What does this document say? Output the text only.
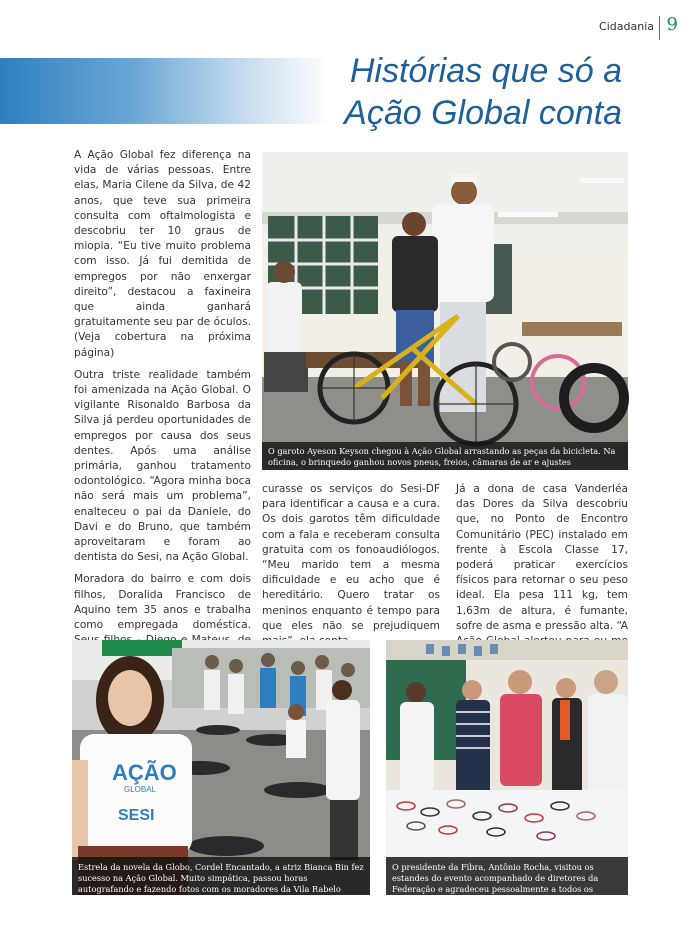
Cidadania 9
Histórias que só a
Ação Global conta

A Ação Global fez diferença na vida de várias pessoas. Entre elas, Maria Cilene da Silva, de 42 anos, que teve sua primeira consulta com oftalmologista e descobriu ter 10 graus de miopia. “Eu tive muito problema com isso. Já fui demitida de empregos por não enxergar direito”, destacou a faxineira que ainda ganhará gratuitamente seu par de óculos. (Veja cobertura na próxima página)

Outra triste realidade também foi amenizada na Ação Global. O vigilante Risonaldo Barbosa da Silva já perdeu oportunidades de empregos por causa dos seus dentes. Após uma análise primária, ganhou tratamento odontológico. “Agora minha boca não será mais um problema”, enalteceu o pai da Daniele, do Davi e do Bruno, que também aproveitaram e foram ao dentista do Sesi, na Ação Global.

Moradora do bairro e com dois filhos, Doralida Francisco de Aquino tem 35 anos e trabalha como empregada doméstica.

curasse os serviços do Sesi-DF para identificar a causa e a cura. Os dois garotos têm dificuldade com a fala e receberam consulta gratuita com os fonoaudiólogos. “Meu marido tem a mesma dificuldade e eu acho que é hereditário. Quero tratar os meninos enquanto é tempo para que eles não se prejudiquem

Já a dona de casa Vanderléa das Dores da Silva descobriu que, no Ponto de Encontro Comunitário (PEC) instalado em frente à Escola Classe 17, poderá praticar exercícios físicos para retornar o seu peso ideal. Ela pesa 111 kg, tem 1,63m de altura, é fumante, sofre de asma e pressão alta. “A

O garoto Ayeson Keyson chegou à Ação Global arrastando as peças da bicicleta. Na oficina, o brinquedo ganhou novos pneus, freios, câmaras de ar e ajustes
AÇÃO
GLOBAL
SESI
Estrela da novela da Globo, Cordel Encantado, a atriz Bianca Bin fez sucesso na Ação Global. Muito simpática, passou horas autografando e fazendo fotos com os moradores da Vila Rabelo
O presidente da Fibra, Antônio Rocha, visitou os estandes do evento acompanhado de diretores da Federação e agradeceu pessoalmente a todos os apoiadores da Ação Global
